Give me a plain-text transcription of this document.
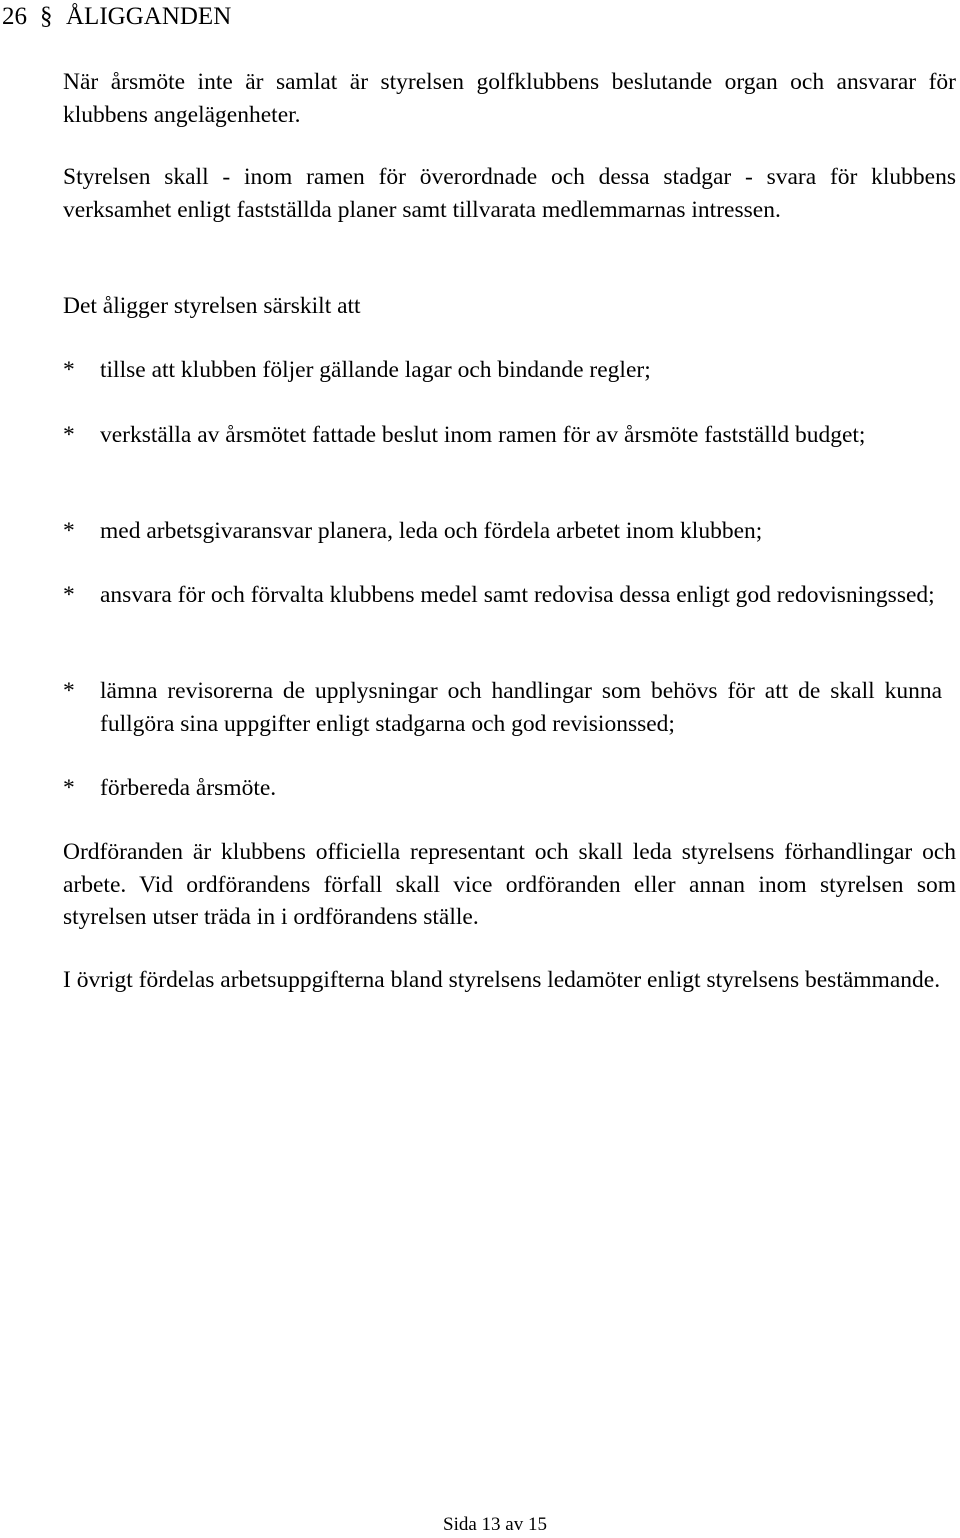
26 § ÅLIGGANDEN

När årsmöte inte är samlat är styrelsen golfklubbens beslutande organ och ansvarar för klubbens angelägenheter.

Styrelsen skall - inom ramen för överordnade och dessa stadgar - svara för klubbens verksamhet enligt fastställda planer samt tillvarata medlemmarnas intressen.

Det åligger styrelsen särskilt att

*	tillse att klubben följer gällande lagar och bindande regler;
*	verkställa av årsmötet fattade beslut inom ramen för av årsmöte fastställd budget;
*	med arbetsgivaransvar planera, leda och fördela arbetet inom klubben;
*	ansvara för och förvalta klubbens medel samt redovisa dessa enligt god redovisningssed;
*	lämna revisorerna de upplysningar och handlingar som behövs för att de skall kunna fullgöra sina uppgifter enligt stadgarna och god revisionssed;
*	förbereda årsmöte.

Ordföranden är klubbens officiella representant och skall leda styrelsens förhandlingar och arbete. Vid ordförandens förfall skall vice ordföranden eller annan inom styrelsen som styrelsen utser träda in i ordförandens ställe.

I övrigt fördelas arbetsuppgifterna bland styrelsens ledamöter enligt styrelsens bestämmande.

Sida 13 av 15
